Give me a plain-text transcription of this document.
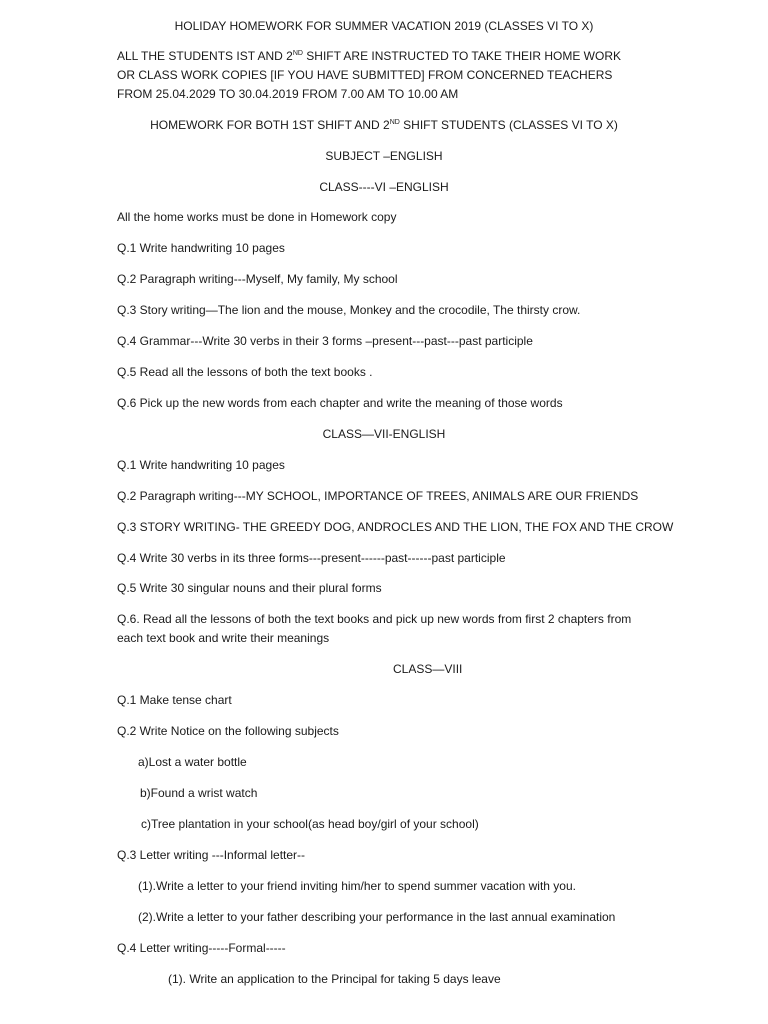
HOLIDAY HOMEWORK FOR SUMMER VACATION 2019 (CLASSES VI TO X)
ALL THE STUDENTS IST AND 2ND SHIFT ARE INSTRUCTED TO TAKE THEIR HOME WORK OR CLASS WORK COPIES [IF YOU HAVE SUBMITTED] FROM CONCERNED TEACHERS FROM 25.04.2029 TO 30.04.2019 FROM 7.00 AM TO 10.00 AM
HOMEWORK FOR BOTH 1ST SHIFT AND 2ND SHIFT STUDENTS (CLASSES VI TO X)
SUBJECT –ENGLISH
CLASS----VI –ENGLISH
All the home works must be done in Homework copy
Q.1 Write handwriting 10 pages
Q.2 Paragraph writing---Myself, My family, My school
Q.3 Story writing—The lion and the mouse, Monkey and the crocodile, The thirsty crow.
Q.4 Grammar---Write 30 verbs in their 3 forms –present---past---past participle
Q.5 Read all the lessons of both the text books .
Q.6 Pick up the new words from each chapter and write the meaning of those words
CLASS—VII-ENGLISH
Q.1 Write handwriting 10 pages
Q.2 Paragraph writing---MY SCHOOL, IMPORTANCE OF TREES, ANIMALS ARE OUR FRIENDS
Q.3 STORY WRITING- THE GREEDY DOG, ANDROCLES AND THE LION, THE FOX AND THE CROW
Q.4 Write 30 verbs in its three forms---present------past------past participle
Q.5 Write 30 singular nouns and their plural forms
Q.6. Read all the lessons of both the text books and pick up new words from first 2 chapters from each text book and write their meanings
CLASS—VIII
Q.1 Make tense chart
Q.2 Write Notice on the following subjects
a)Lost a water bottle
b)Found a wrist watch
c)Tree plantation in your school(as head boy/girl of your school)
Q.3 Letter writing ---Informal letter--
(1).Write a letter to your friend inviting him/her to spend summer vacation with you.
(2).Write a letter to your father describing your performance in the last annual examination
Q.4 Letter writing-----Formal-----
(1). Write an application to the Principal for taking 5 days leave
